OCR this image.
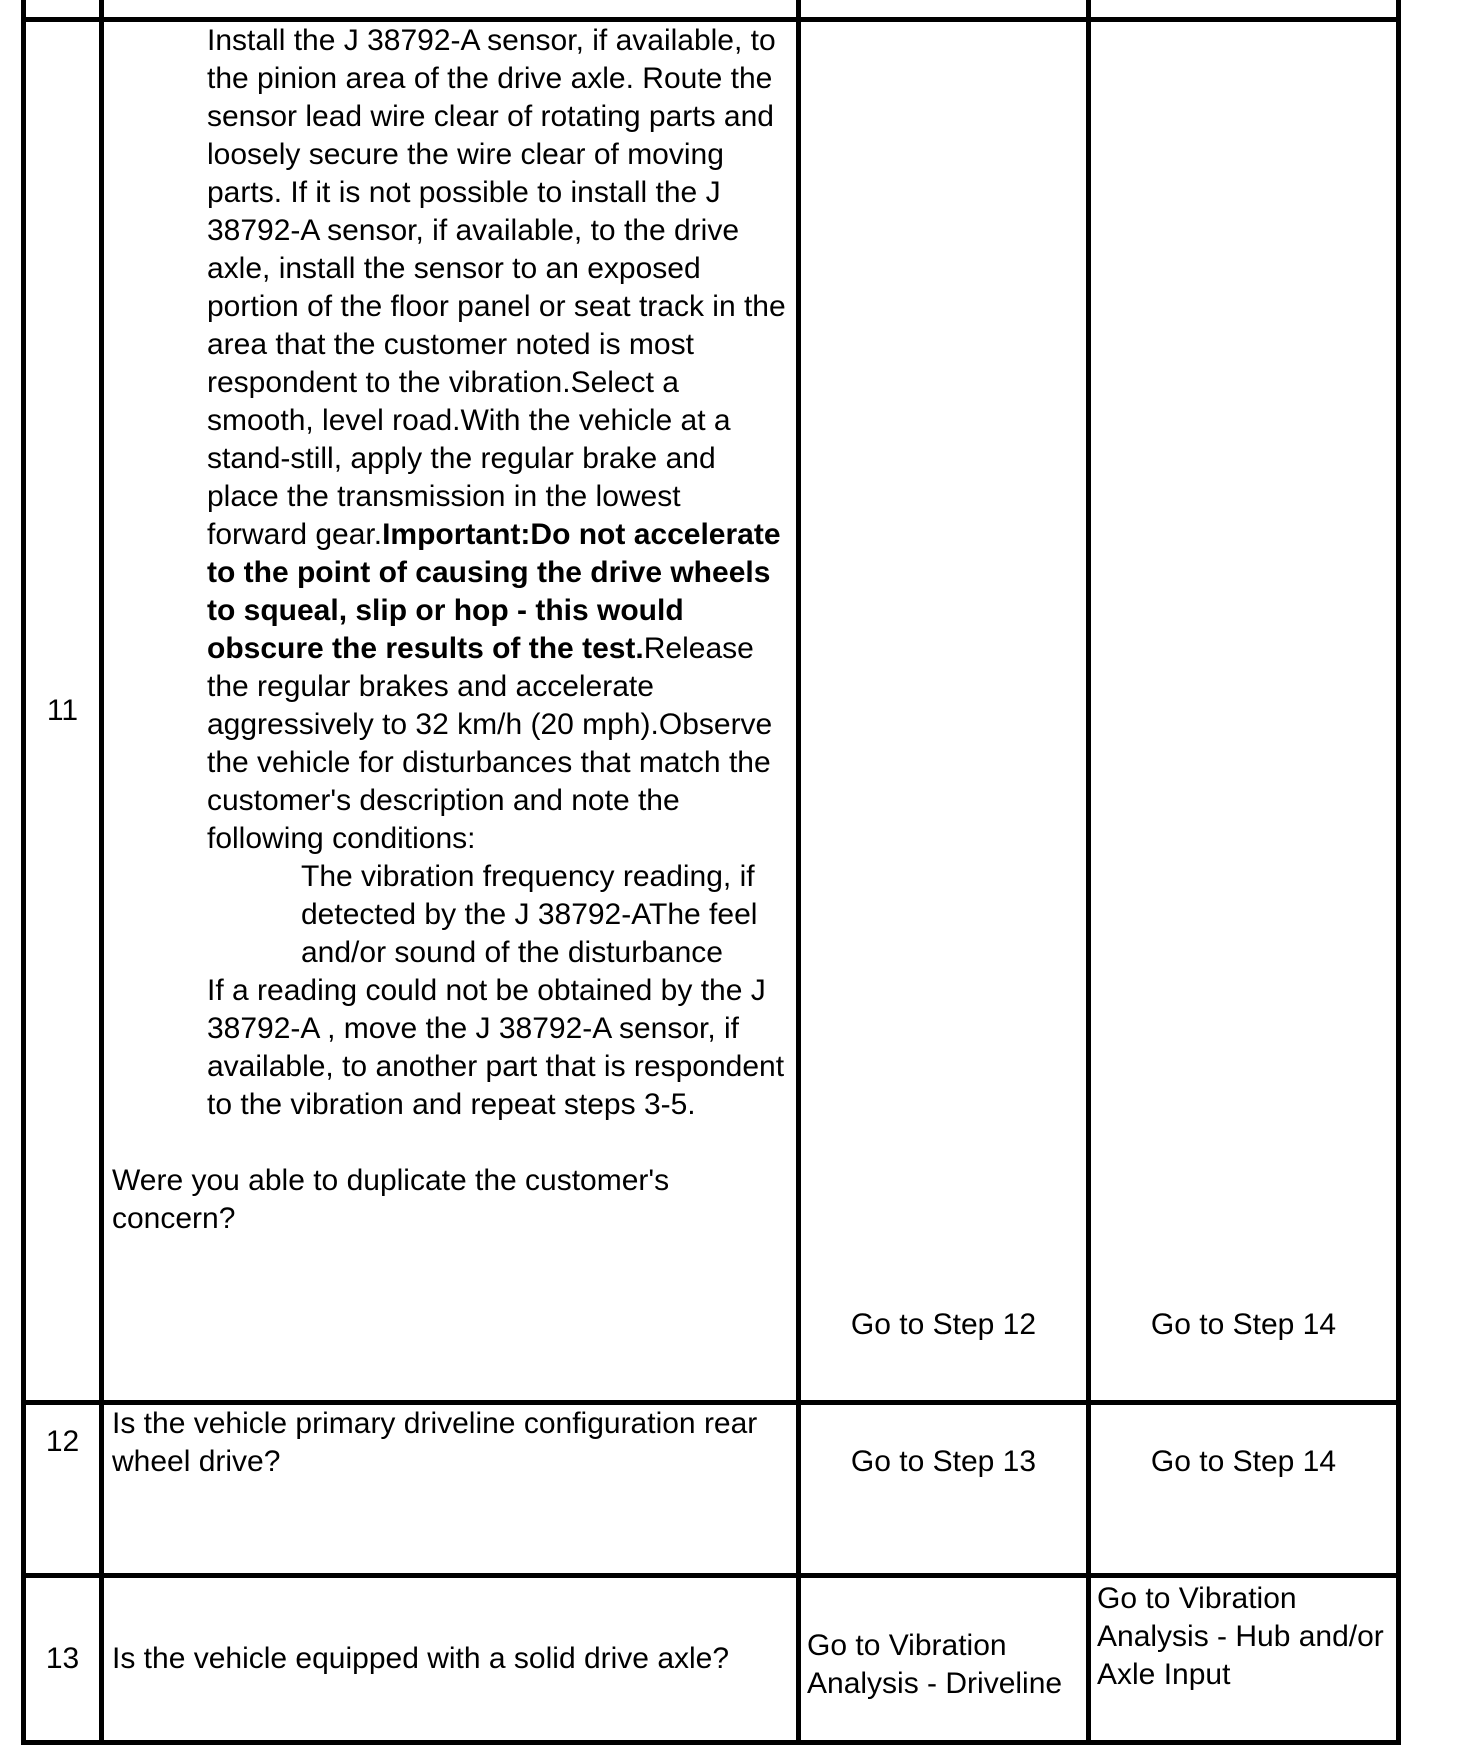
11	Install the J 38792-A sensor, if available, to the pinion area of the drive axle. Route the sensor lead wire clear of rotating parts and loosely secure the wire clear of moving parts. If it is not possible to install the J 38792-A sensor, if available, to the drive axle, install the sensor to an exposed portion of the floor panel or seat track in the area that the customer noted is most respondent to the vibration.Select a smooth, level road.With the vehicle at a stand-still, apply the regular brake and place the transmission in the lowest forward gear.Important:Do not accelerate to the point of causing the drive wheels to squeal, slip or hop - this would obscure the results of the test.Release the regular brakes and accelerate aggressively to 32 km/h (20 mph).Observe the vehicle for disturbances that match the customer's description and note the following conditions:

The vibration frequency reading, if detected by the J 38792-AThe feel and/or sound of the disturbance

If a reading could not be obtained by the J 38792-A , move the J 38792-A sensor, if available, to another part that is respondent to the vibration and repeat steps 3-5.

Were you able to duplicate the customer's concern?	Go to Step 12	Go to Step 14

12	Is the vehicle primary driveline configuration rear wheel drive?	Go to Step 13	Go to Step 14

13	Is the vehicle equipped with a solid drive axle?	Go to Vibration Analysis - Driveline	Go to Vibration Analysis - Hub and/or Axle Input
